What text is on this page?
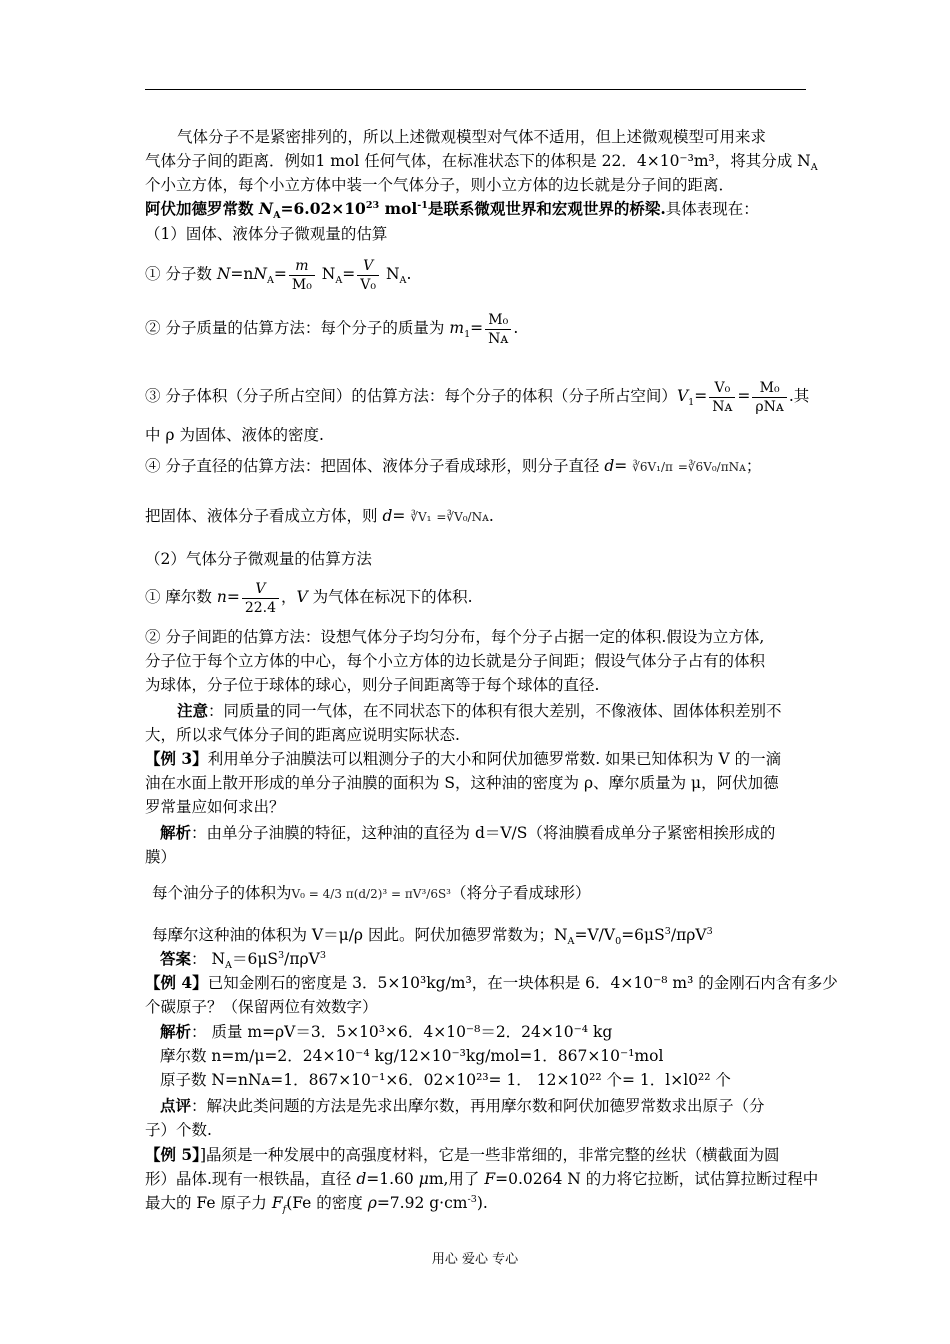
气体分子不是紧密排列的，所以上述微观模型对气体不适用，但上述微观模型可用来求
气体分子间的距离．例如1 mol 任何气体，在标准状态下的体积是 22．4×10⁻³m³，将其分成 $N_A$
个小立方体，每个小立方体中装一个气体分子，则小立方体的边长就是分子间的距离．
阿伏加德罗常数 $N_A=6.02\times 10^{23}$ mol$^{-1}$是联系微观世界和宏观世界的桥梁.具体表现在：
（1）固体、液体分子微观量的估算
① 分子数 $N=nN_A= \frac{m}{\text{M₀}} N_A= \frac{V}{\text{V₀}} N_A$.
② 分子质量的估算方法：每个分子的质量为 $m_1= \frac{\text{M₀}}{\text{Nᴀ}}$ .
③ 分子体积（分子所占空间）的估算方法：每个分子的体积（分子所占空间）$V_1= \frac{\text{V₀}}{\text{Nᴀ}} = \frac{\text{M₀}}{\text{ρNᴀ}}$ .其
中 ρ 为固体、液体的密度.
④ 分子直径的估算方法：把固体、液体分子看成球形，则分子直径 d= ∛6V₁/π =∛6V₀/πNᴀ；
把固体、液体分子看成立方体，则 d= ∛V₁ =∛V₀/Nᴀ.
（2）气体分子微观量的估算方法
① 摩尔数 $n= \frac{V}{22.4}$ ，V 为气体在标况下的体积.
② 分子间距的估算方法：设想气体分子均匀分布，每个分子占据一定的体积.假设为立方体,
分子位于每个立方体的中心，每个小立方体的边长就是分子间距；假设气体分子占有的体积
为球体，分子位于球体的球心，则分子间距离等于每个球体的直径.
注意：同质量的同一气体，在不同状态下的体积有很大差别，不像液体、固体体积差别不
大，所以求气体分子间的距离应说明实际状态.
【例 3】利用单分子油膜法可以粗测分子的大小和阿伏加德罗常数. 如果已知体积为 V 的一滴
油在水面上散开形成的单分子油膜的面积为 S，这种油的密度为 ρ、摩尔质量为 μ，阿伏加德
罗常量应如何求出？
解析：由单分子油膜的特征，这种油的直径为 d＝V/S（将油膜看成单分子紧密相挨形成的
膜）
每个油分子的体积为V₀ = 4/3 π(d/2)³ = πV³/6S³（将分子看成球形）
每摩尔这种油的体积为 V＝μ/ρ 因此。阿伏加德罗常数为；$N_A=V/V_0=6\mu S^3/\pi\rho V^3$
答案： $N_A=6\mu S^3/\pi\rho V^3$
【例 4】已知金刚石的密度是 3．5×10³kg/m³，在一块体积是 6．4×10⁻⁸ m³ 的金刚石内含有多少
个碳原子？（保留两位有效数字）
解析： 质量 m=ρV＝3．5×10³×6．4×10⁻⁸＝2．24×10⁻⁴ kg
摩尔数 n=m/μ=2．24×10⁻⁴ kg/12×10⁻³kg/mol=1．867×10⁻¹mol
原子数 N=nNᴀ=1．867×10⁻¹×6．02×10²³= 1． 12×10²² 个= 1．l×l0²² 个
点评：解决此类问题的方法是先求出摩尔数，再用摩尔数和阿伏加德罗常数求出原子（分
子）个数.
【例 5】]晶须是一种发展中的高强度材料，它是一些非常细的，非常完整的丝状（横截面为圆
形）晶体.现有一根铁晶，直径 d=1.60 μm,用了 F=0.0264 N 的力将它拉断，试估算拉断过程中
最大的 Fe 原子力 $F_f(Fe$ 的密度 ρ=7.92 $g\cdot cm^{-3}$).
用心 爱心 专心
